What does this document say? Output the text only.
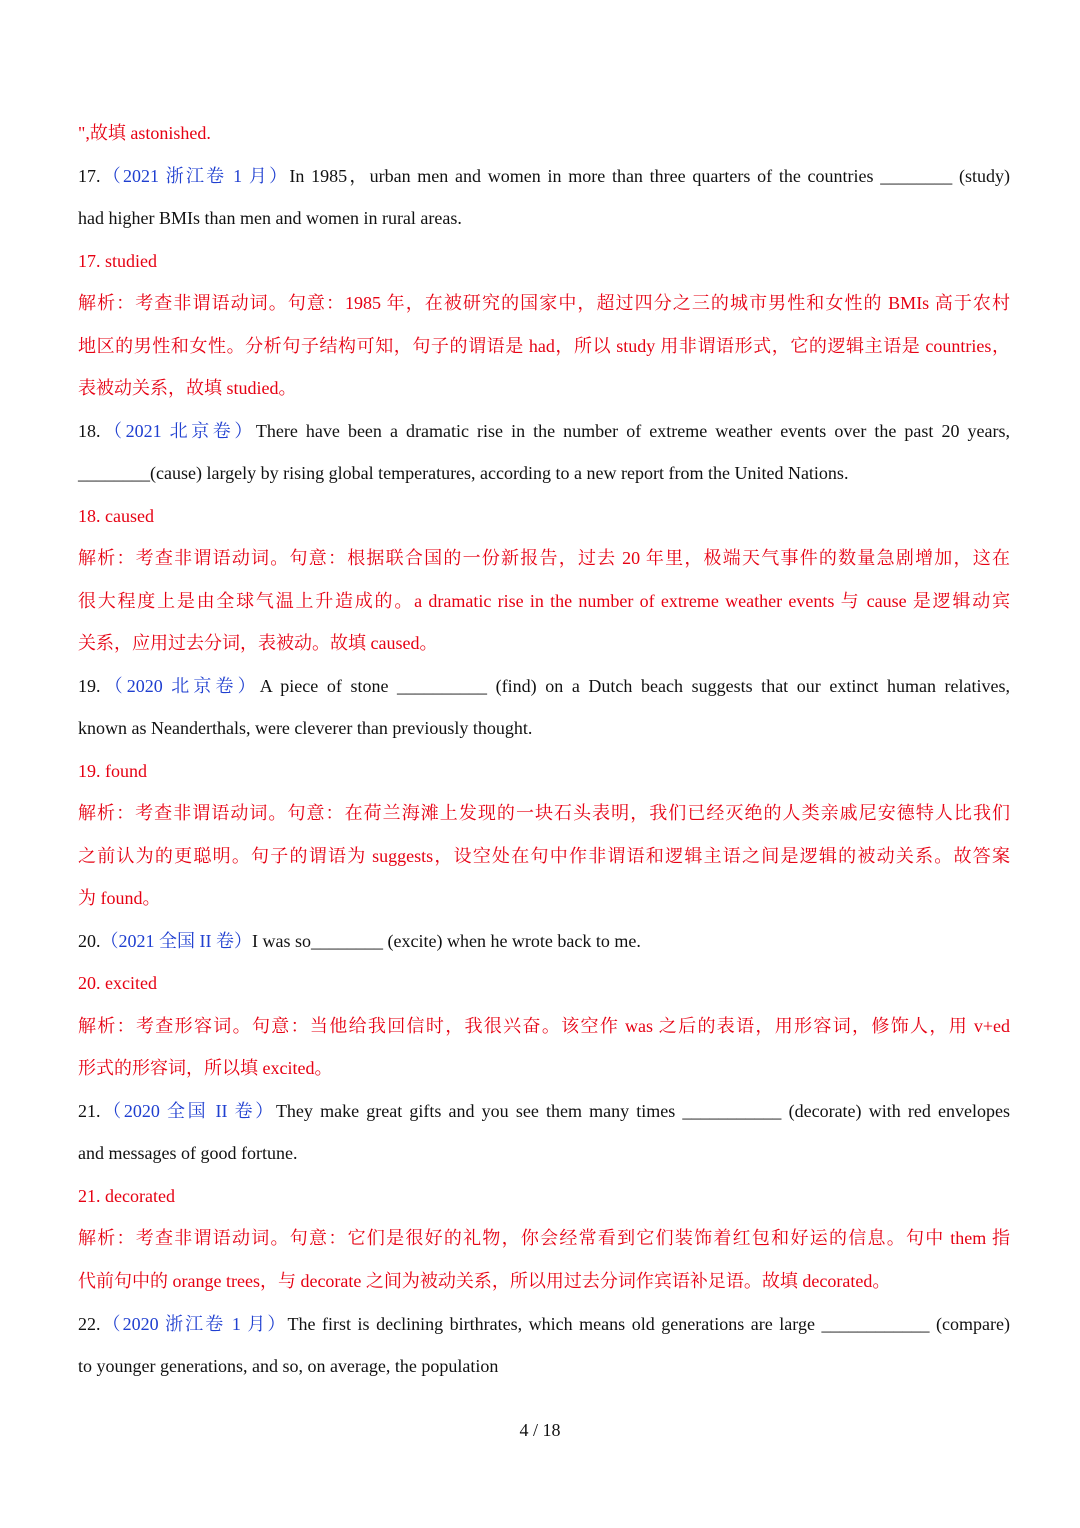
",故填 astonished.
17.（2021 浙江卷 1 月）In 1985，urban men and women in more than three quarters of the countries ________ (study)
had higher BMIs than men and women in rural areas.
17. studied
解析：考查非谓语动词。句意：1985 年，在被研究的国家中，超过四分之三的城市男性和女性的 BMIs 高于农村
地区的男性和女性。分析句子结构可知，句子的谓语是 had，所以 study 用非谓语形式，它的逻辑主语是 countries，
表被动关系，故填 studied。
18.（2021 北京卷）There have been a dramatic rise in the number of extreme weather events over the past 20 years,
________(cause) largely by rising global temperatures, according to a new report from the United Nations.
18. caused
解析：考查非谓语动词。句意：根据联合国的一份新报告，过去 20 年里，极端天气事件的数量急剧增加，这在
很大程度上是由全球气温上升造成的。a dramatic rise in the number of extreme weather events 与 cause 是逻辑动宾
关系，应用过去分词，表被动。故填 caused。
19.（2020 北京卷）A piece of stone __________ (find) on a Dutch beach suggests that our extinct human relatives,
known as Neanderthals, were cleverer than previously thought.
19. found
解析：考查非谓语动词。句意：在荷兰海滩上发现的一块石头表明，我们已经灭绝的人类亲戚尼安德特人比我们
之前认为的更聪明。句子的谓语为 suggests，设空处在句中作非谓语和逻辑主语之间是逻辑的被动关系。故答案
为 found。
20.（2021 全国 II 卷）I was so________ (excite) when he wrote back to me.
20. excited
解析：考查形容词。句意：当他给我回信时，我很兴奋。该空作 was 之后的表语，用形容词，修饰人，用 v+ed
形式的形容词，所以填 excited。
21.（2020 全国 II 卷）They make great gifts and you see them many times ___________ (decorate) with red envelopes
and messages of good fortune.
21. decorated
解析：考查非谓语动词。句意：它们是很好的礼物，你会经常看到它们装饰着红包和好运的信息。句中 them 指
代前句中的 orange trees，与 decorate 之间为被动关系，所以用过去分词作宾语补足语。故填 decorated。
22.（2020 浙江卷 1 月）The first is declining birthrates, which means old generations are large ____________ (compare)
to younger generations, and so, on average, the population
4 / 18
